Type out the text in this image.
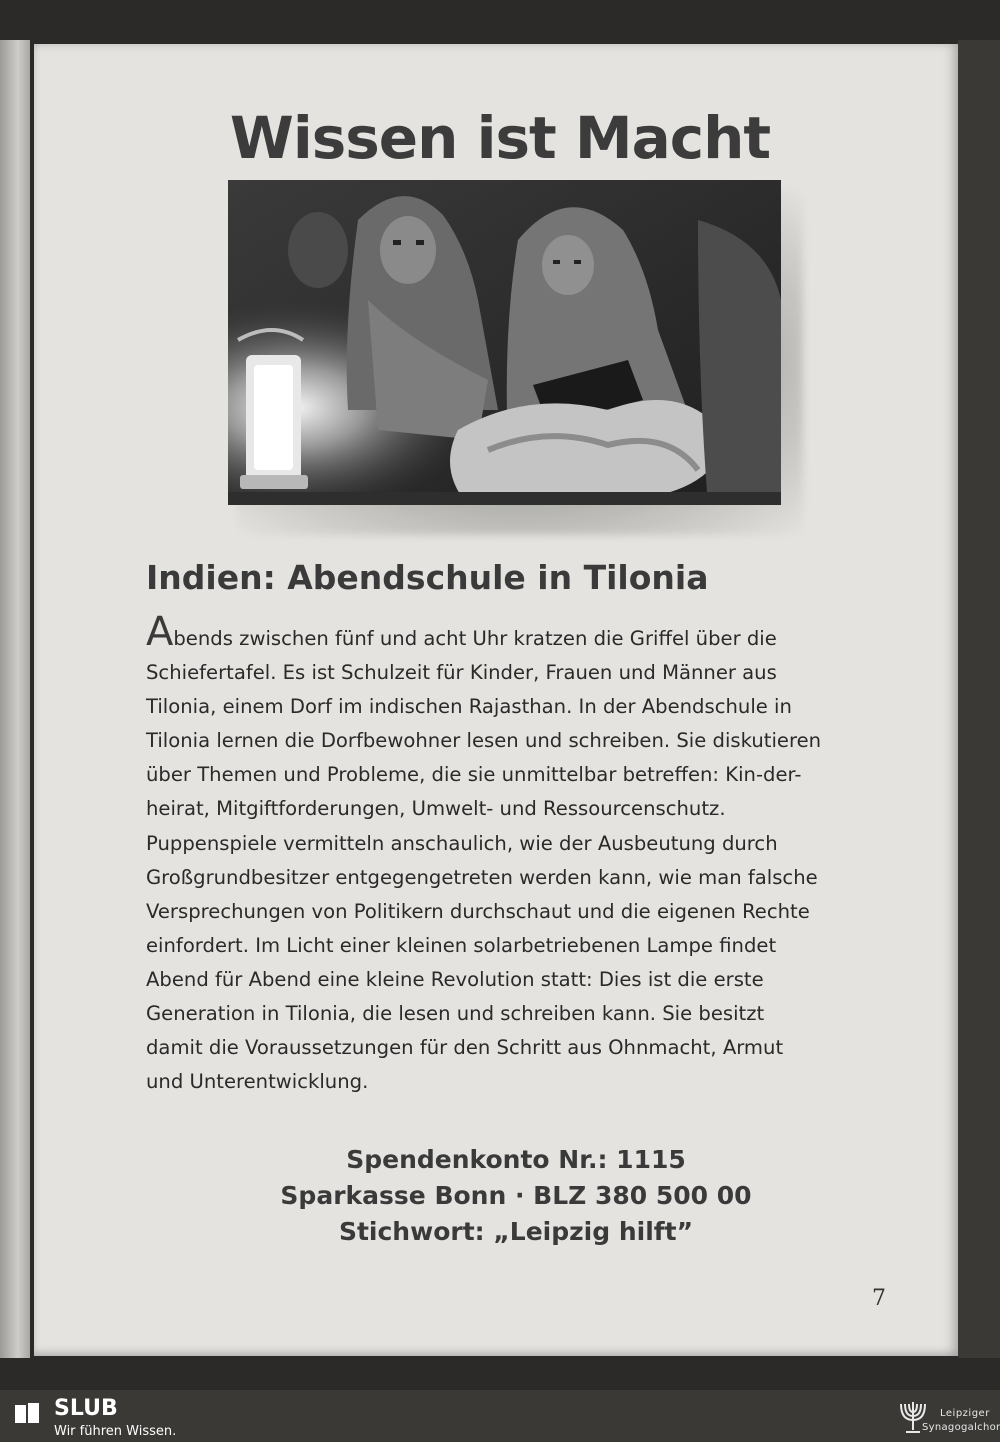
Wissen ist Macht
Indien: Abendschule in Tilonia
Abends zwischen fünf und acht Uhr kratzen die Griffel über die
Schiefertafel. Es ist Schulzeit für Kinder, Frauen und Männer aus
Tilonia, einem Dorf im indischen Rajasthan. In der Abendschule in
Tilonia lernen die Dorfbewohner lesen und schreiben. Sie diskutieren
über Themen und Probleme, die sie unmittelbar betreffen: Kin-der-
heirat, Mitgiftforderungen, Umwelt- und Ressourcenschutz.
Puppenspiele vermitteln anschaulich, wie der Ausbeutung durch
Großgrundbesitzer entgegengetreten werden kann, wie man falsche
Versprechungen von Politikern durchschaut und die eigenen Rechte
einfordert. Im Licht einer kleinen solarbetriebenen Lampe findet
Abend für Abend eine kleine Revolution statt: Dies ist die erste
Generation in Tilonia, die lesen und schreiben kann. Sie besitzt
damit die Voraussetzungen für den Schritt aus Ohnmacht, Armut
und Unterentwicklung.
Spendenkonto Nr.: 1115
Sparkasse Bonn · BLZ 380 500 00
Stichwort: „Leipzig hilft”
7
SLUB
Wir führen Wissen.
Leipziger
Synagogalchor
